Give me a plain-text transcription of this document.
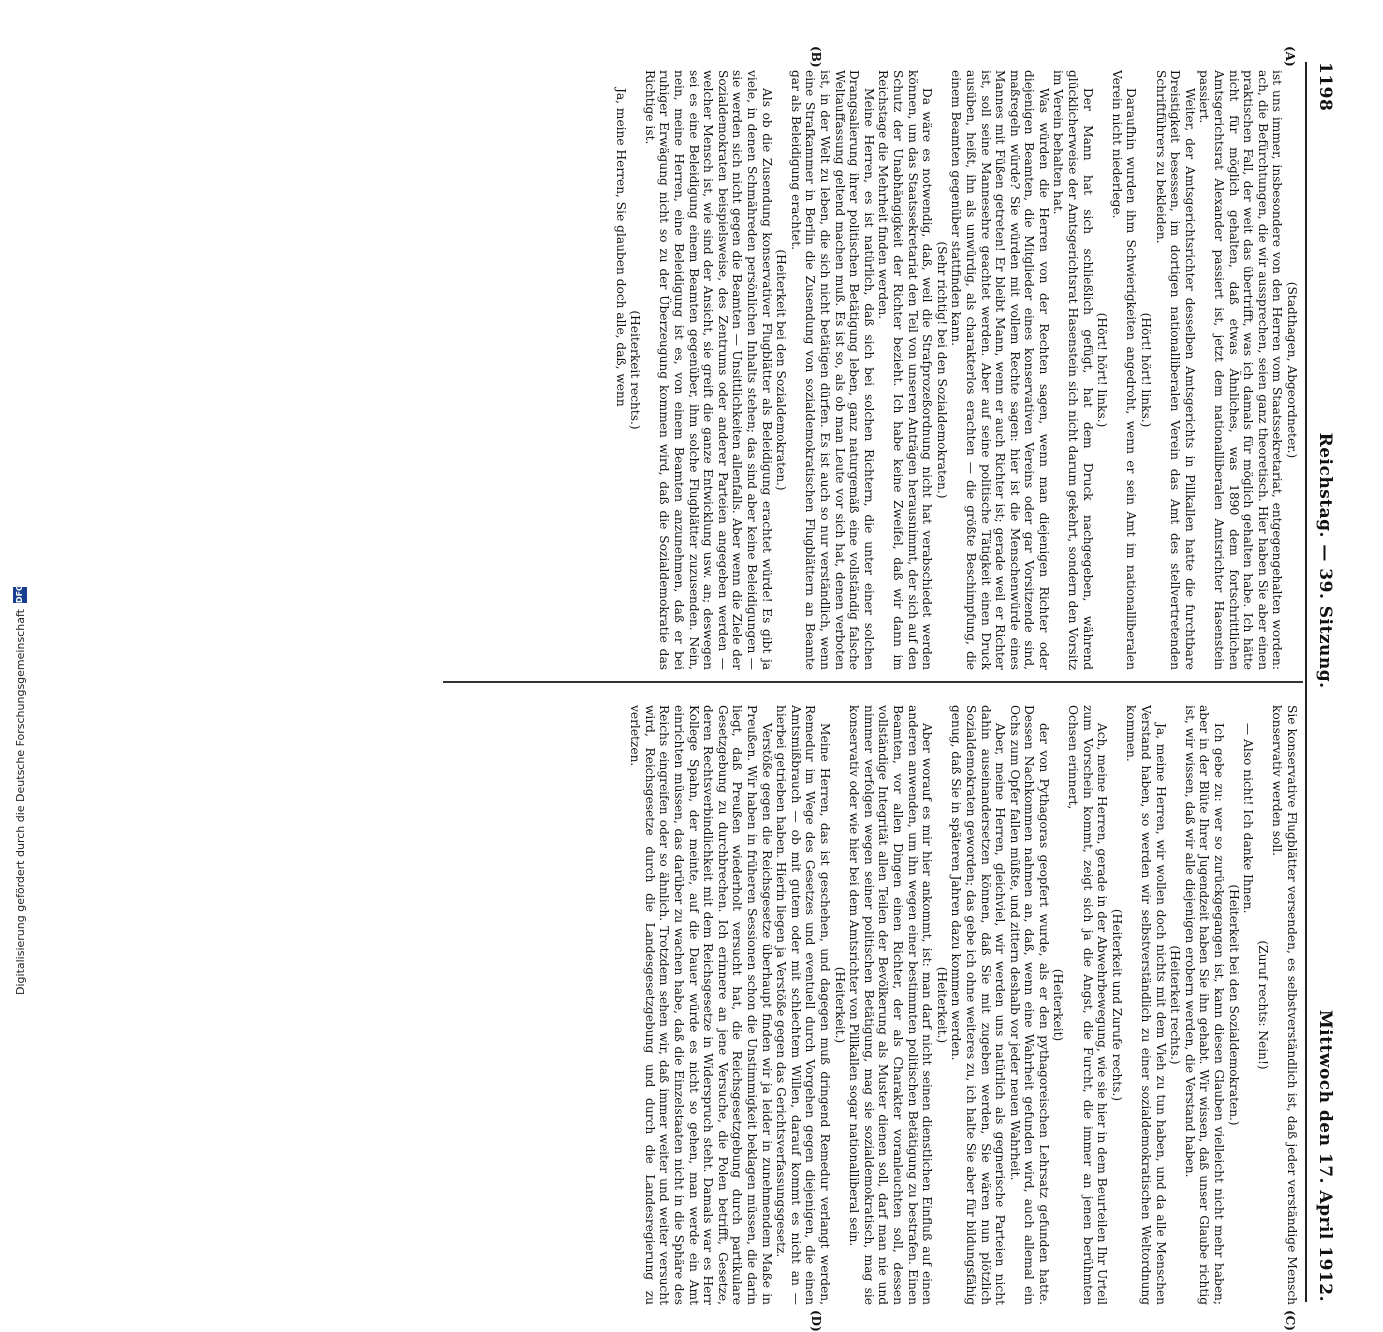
1198
Reichstag. — 39. Sitzung.
Mittwoch den 17. April 1912.
(A)
(B)
(C)
(D)

(Stadthagen, Abgeordneter.)

ist uns immer, insbesondere von den Herren vom Staatssekretariat, entgegengehalten worden: ach, die Befürchtungen, die wir aussprechen, seien ganz theoretisch. Hier haben Sie aber einen praktischen Fall, der weit das übertrifft, was ich damals für möglich gehalten habe. Ich hätte nicht für möglich gehalten, daß etwas Ähnliches, was 1890 dem fortschrittlichen Amtsgerichtsrat Alexander passiert ist, jetzt dem nationalliberalen Amtsrichter Hasenstein passiert.

Weiter, der Amtsgerichtsrichter desselben Amtsgerichts in Pillkallen hatte die furchtbare Dreistigkeit besessen, im dortigen nationalliberalen Verein das Amt des stellvertretenden Schriftführers zu bekleiden.

(Hört! hört! links.)

Daraufhin wurden ihm Schwierigkeiten angedroht, wenn er sein Amt im nationalliberalen Verein nicht niederlege.

(Hört! hört! links.)

Der Mann hat sich schließlich gefügt, hat dem Druck nachgegeben, während glücklicherweise der Amtsgerichtsrat Hasenstein sich nicht darum gekehrt, sondern den Vorsitz im Verein behalten hat.

Was würden die Herren von der Rechten sagen, wenn man diejenigen Richter oder diejenigen Beamten, die Mitglieder eines konservativen Vereins oder gar Vorsitzende sind, maßregeln würde? Sie würden mit vollem Rechte sagen: hier ist die Menschenwürde eines Mannes mit Füßen getreten! Er bleibt Mann, wenn er auch Richter ist; gerade weil er Richter ist, soll seine Mannesehre geachtet werden. Aber auf seine politische Tätigkeit einen Druck ausüben, heißt, ihn als unwürdig, als charakterlos erachten — die größte Beschimpfung, die einem Beamten gegenüber stattfinden kann.

(Sehr richtig! bei den Sozialdemokraten.)

Da wäre es notwendig, daß, weil die Strafprozeßordnung nicht hat verabschiedet werden können, um das Staatssekretariat den Teil von unseren Anträgen herausnimmt, der sich auf den Schutz der Unabhängigkeit der Richter bezieht. Ich habe keine Zweifel, daß wir dann im Reichstage die Mehrheit finden werden.

Meine Herren, es ist natürlich, daß sich bei solchen Richtern, die unter einer solchen Drangsalierung ihrer politischen Betätigung leben, ganz naturgemäß eine vollständig falsche Weltauffassung geltend machen muß. Es ist so, als ob man Leute vor sich hat, denen verboten ist, in der Welt zu leben, die sich nicht betätigen dürfen. Es ist auch so nur verständlich, wenn eine Strafkammer in Berlin die Zusendung von sozialdemokratischen Flugblättern an Beamte gar als Beleidigung erachtet.

(Heiterkeit bei den Sozialdemokraten.)

Als ob die Zusendung konservativer Flugblätter als Beleidigung erachtet würde! Es gibt ja viele, in denen Schmähreden persönlichen Inhalts stehen; das sind aber keine Beleidigungen — sie werden sich nicht gegen die Beamten — Unsittlichkeiten allenfalls. Aber wenn die Ziele der Sozialdemokraten beispielsweise, des Zentrums oder anderer Parteien angegeben werden — welcher Mensch ist, wie sind der Ansicht, sie greift die ganze Entwicklung usw. an; deswegen sei es eine Beleidigung einem Beamten gegenüber, ihm solche Flugblätter zuzusenden. Nein, nein, meine Herren, eine Beleidigung ist es, von einem Beamten anzunehmen, daß er bei ruhiger Erwägung nicht so zu der Überzeugung kommen wird, daß die Sozialdemokratie das Richtige ist.

(Heiterkeit rechts.)

Ja, meine Herren, Sie glauben doch alle, daß, wenn

Sie konservative Flugblätter versenden, es selbstverständlich ist, daß jeder verständige Mensch konservativ werden soll.

(Zuruf rechts: Nein!)

— Also nicht! Ich danke Ihnen.

(Heiterkeit bei den Sozialdemokraten.)

Ich gebe zu: wer so zurückgegangen ist, kann diesen Glauben vielleicht nicht mehr haben; aber in der Blüte Ihrer Jugendzeit haben Sie ihn gehabt. Wir wissen, daß unser Glaube richtig ist, wir wissen, daß wir alle diejenigen erobern werden, die Verstand haben.

(Heiterkeit rechts.)

Ja, meine Herren, wir wollen doch nichts mit dem Vieh zu tun haben, und da alle Menschen Verstand haben, so werden wir selbstverständlich zu einer sozialdemokratischen Weltordnung kommen.

(Heiterkeit und Zurufe rechts.)

Ach, meine Herren, gerade in der Abwehrbewegung, wie sie hier in dem Beurteilen Ihr Urteil zum Vorschein kommt, zeigt sich ja die Angst, die Furcht, die immer an jenen berühmten Ochsen erinnert,

(Heiterkeit)

der von Pythagoras geopfert wurde, als er den pythagoreischen Lehrsatz gefunden hatte. Dessen Nachkommen nahmen an, daß, wenn eine Wahrheit gefunden wird, auch allemal ein Ochs zum Opfer fallen müßte, und zittern deshalb vor jeder neuen Wahrheit.

Aber, meine Herren, gleichviel, wir werden uns natürlich als gegnerische Parteien nicht dahin auseinandersetzen können, daß Sie mit zugeben werden, Sie wären nun plötzlich Sozialdemokraten geworden; das gebe ich ohne weiteres zu, ich halte Sie aber für bildungsfähig genug, daß Sie in späteren Jahren dazu kommen werden.

(Heiterkeit.)

Aber worauf es mir hier ankommt, ist: man darf nicht seinen dienstlichen Einfluß auf einen anderen anwenden, um ihn wegen einer bestimmten politischen Betätigung zu bestrafen. Einen Beamten, vor allen Dingen einen Richter, der als Charakter voranleuchten soll, dessen vollständige Integrität allen Teilen der Bevölkerung als Muster dienen soll, darf man nie und nimmer verfolgen wegen seiner politischen Betätigung, mag sie sozialdemokratisch, mag sie konservativ oder wie hier bei dem Amtsrichter von Pillkallen sogar nationalliberal sein.

(Heiterkeit.)

Meine Herren, das ist geschehen, und dagegen muß dringend Remedur verlangt werden, Remedur im Wege des Gesetzes und eventuell durch Vorgehen gegen diejenigen, die einen Amtsmißbrauch — ob mit gutem oder mit schlechtem Willen, darauf kommt es nicht an — hierbei getrieben haben. Hierin liegen ja Verstöße gegen das Gerichtsverfassungsgesetz.

Verstöße gegen die Reichsgesetze überhaupt finden wir ja leider in zunehmendem Maße in Preußen. Wir haben in früheren Sessionen schon die Unstimmigkeit beklagen müssen, die darin liegt, daß Preußen wiederholt versucht hat, die Reichsgesetzgebung durch partikulare Gesetzgebung zu durchbrechen. Ich erinnere an jene Versuche, die Polen betrifft, Gesetze, deren Rechtsverbindlichkeit mit dem Reichsgesetze in Widerspruch steht. Damals war es Herr Kollege Spahn, der meinte, auf die Dauer würde es nicht so gehen, man werde ein Amt einrichten müssen, das darüber zu wachen habe, daß die Einzelstaaten nicht in die Sphäre des Reichs eingreifen oder so ähnlich. Trotzdem sehen wir, daß immer weiter und weiter versucht wird, Reichsgesetze durch die Landesgesetzgebung und durch die Landesregierung zu verletzen.

Digitalisierung gefördert durch die Deutsche Forschungsgemeinschaft
DFG
